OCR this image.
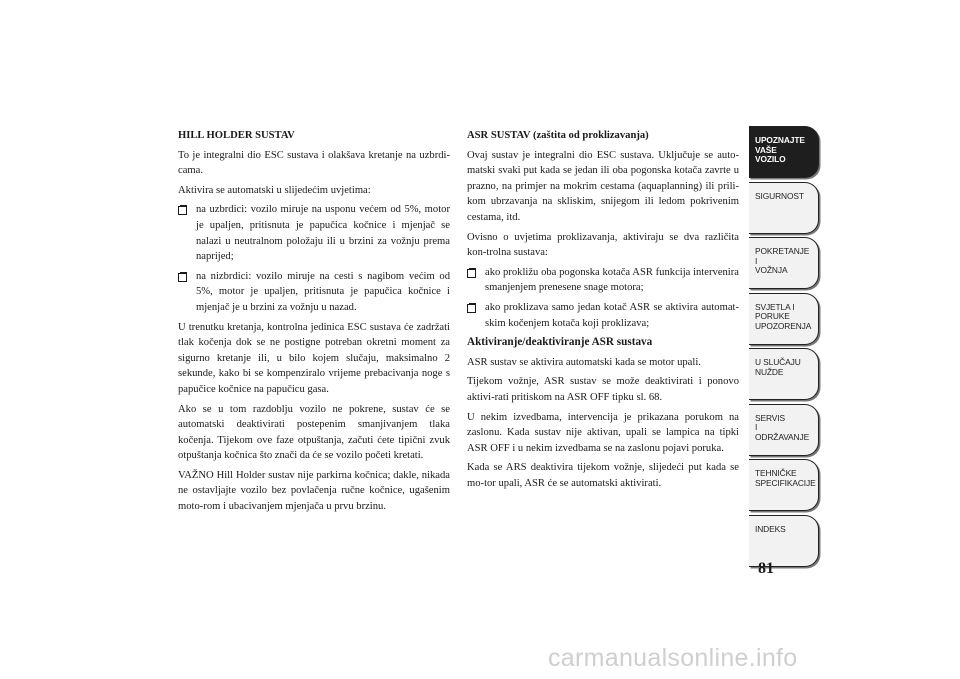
HILL HOLDER SUSTAV

To je integralni dio ESC sustava i olakšava kretanje na uzbrdi-cama.

Aktivira se automatski u slijedećim uvjetima:

na uzbrdici: vozilo miruje na usponu većem od 5%, motor je upaljen, pritisnuta je papučica kočnice i mjenjač se nalazi u neutralnom položaju ili u brzini za vožnju prema naprijed;
na nizbrdici: vozilo miruje na cesti s nagibom većim od 5%, motor je upaljen, pritisnuta je papučica kočnice i mjenjač je u brzini za vožnju u nazad.

U trenutku kretanja, kontrolna jedinica ESC sustava će zadržati tlak kočenja dok se ne postigne potreban okretni moment za sigurno kretanje ili, u bilo kojem slučaju, maksimalno 2 sekunde, kako bi se kompenziralo vrijeme prebacivanja noge s papučice kočnice na papučicu gasa.

Ako se u tom razdoblju vozilo ne pokrene, sustav će se automatski deaktivirati postepenim smanjivanjem tlaka kočenja. Tijekom ove faze otpuštanja, začuti ćete tipični zvuk otpuštanja kočnica što znači da će se vozilo početi kretati.

VAŽNO Hill Holder sustav nije parkirna kočnica; dakle, nikada ne ostavljajte vozilo bez povlačenja ručne kočnice, ugašenim moto-rom i ubacivanjem mjenjača u prvu brzinu.

ASR SUSTAV (zaštita od proklizavanja)

Ovaj sustav je integralni dio ESC sustava. Uključuje se auto-matski svaki put kada se jedan ili oba pogonska kotača zavrte u prazno, na primjer na mokrim cestama (aquaplanning) ili prili-kom ubrzavanja na skliskim, snijegom ili ledom pokrivenim cestama, itd.

Ovisno o uvjetima proklizavanja, aktiviraju se dva različita kon-trolna sustava:

ako prokližu oba pogonska kotača ASR funkcija intervenira smanjenjem prenesene snage motora;
ako proklizava samo jedan kotač ASR se aktivira automat-skim kočenjem kotača koji proklizava;
Aktiviranje/deaktiviranje ASR sustava

ASR sustav se aktivira automatski kada se motor upali.

Tijekom vožnje, ASR sustav se može deaktivirati i ponovo aktivi-rati pritiskom na ASR OFF tipku sl. 68.

U nekim izvedbama, intervencija je prikazana porukom na zaslonu. Kada sustav nije aktivan, upali se lampica na tipki ASR OFF i u nekim izvedbama se na zaslonu pojavi poruka.

Kada se ARS deaktivira tijekom vožnje, slijedeći put kada se mo-tor upali, ASR će se automatski aktivirati.

UPOZNAJTE
VAŠE
VOZILO
SIGURNOST
POKRETANJE
I
VOŽNJA
SVJETLA I
PORUKE
UPOZORENJA
U SLUČAJU
NUŽDE
SERVIS
I
ODRŽAVANJE
TEHNIČKE
SPECIFIKACIJE
INDEKS
81
carmanualsonline.info
